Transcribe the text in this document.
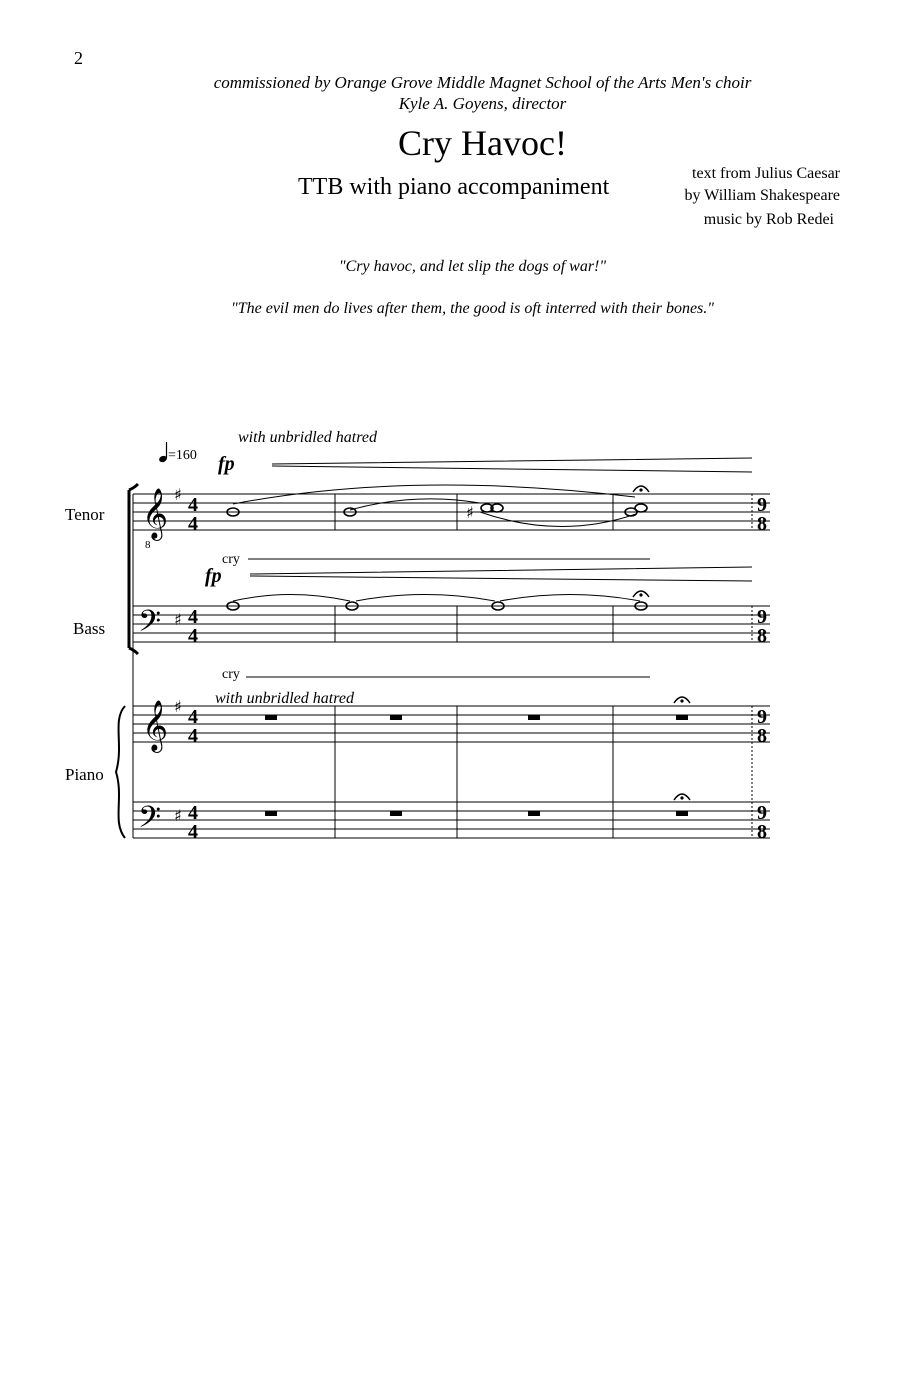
2
commissioned by Orange Grove Middle Magnet School of the Arts Men's choir
Kyle A. Goyens, director
Cry Havoc!
TTB with piano accompaniment
text from Julius Caesar
by William Shakespeare
music by Rob Redei
"Cry havoc, and let slip the dogs of war!"
"The evil men do lives after them, the good is oft interred with their bones."
𝄞
8
𝄢
𝄞
𝄢
♯
♯
♯
♯
4
4
4
4
4
4
4
4
9
8
9
8
9
8
9
8
=160
with unbridled hatred
fp
cry
fp
cry
with unbridled hatred
♯
Tenor
Bass
Piano
